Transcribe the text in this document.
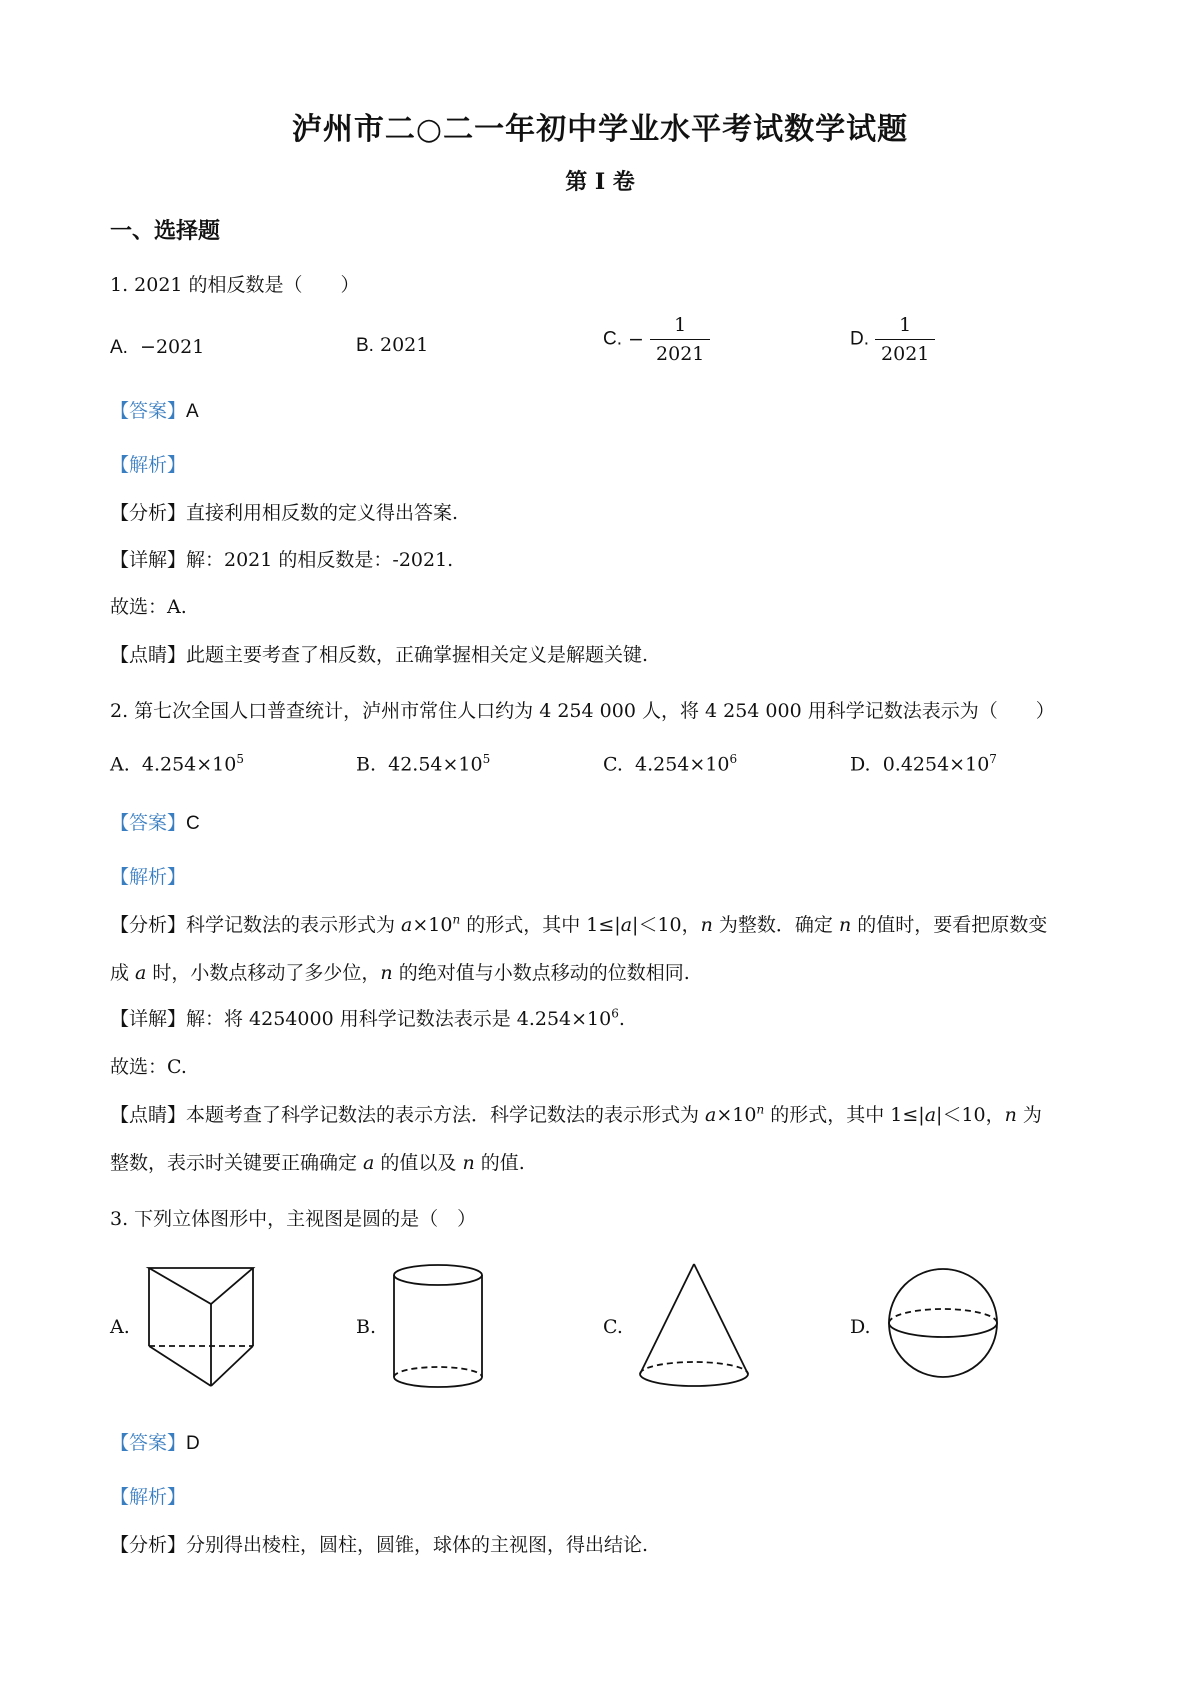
泸州市二○二一年初中学业水平考试数学试题
第 I 卷
一、选择题
1. 2021 的相反数是（　　）
A. −2021	B. 2021	C. − $\frac{1}{2021}$	D. $\frac{1}{2021}$
【答案】A
【解析】
【分析】直接利用相反数的定义得出答案.
【详解】解：2021 的相反数是：-2021.
故选：A.
【点睛】此题主要考查了相反数，正确掌握相关定义是解题关键.
2. 第七次全国人口普查统计，泸州市常住人口约为 4 254 000 人，将 4 254 000 用科学记数法表示为（　　）
A. $4.254\times 10^5$	B. $42.54\times 10^5$	C. $4.254\times 10^6$	D. $0.4254\times 10^7$
【答案】C
【解析】
【分析】科学记数法的表示形式为 $a\times 10^n$ 的形式，其中 1≤|a|＜10，n 为整数．确定 n 的值时，要看把原数变
成 a 时，小数点移动了多少位，n 的绝对值与小数点移动的位数相同.
【详解】解：将 4254000 用科学记数法表示是 $4.254\times 10^6$.
故选：C.
【点睛】本题考查了科学记数法的表示方法．科学记数法的表示形式为 $a\times 10^n$ 的形式，其中 1≤|a|＜10，n 为
整数，表示时关键要正确确定 a 的值以及 n 的值.
3. 下列立体图形中，主视图是圆的是（　）
A.	B.	C.	D.
【答案】D
【解析】
【分析】分别得出棱柱，圆柱，圆锥，球体的主视图，得出结论.
